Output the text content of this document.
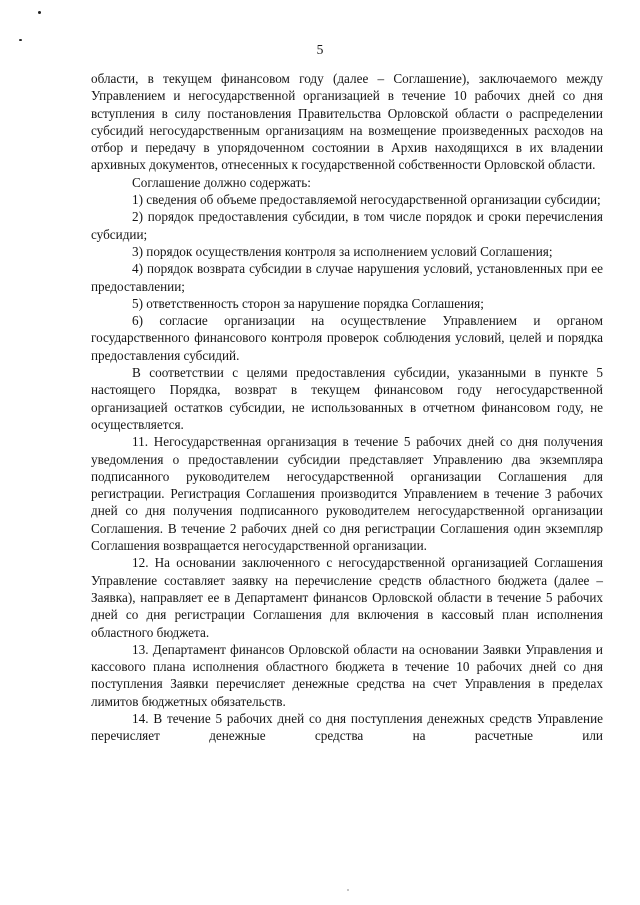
5

области, в текущем финансовом году (далее – Соглашение), заключаемого между Управлением и негосударственной организацией в течение 10 рабочих дней со дня вступления в силу постановления Правительства Орловской области о распределении субсидий негосударственным организациям на возмещение произведенных расходов на отбор и передачу в упорядоченном состоянии в Архив находящихся в их владении архивных документов, отнесенных к государственной собственности Орловской области.

Соглашение должно содержать:

1) сведения об объеме предоставляемой негосударственной организации субсидии;

2) порядок предоставления субсидии, в том числе порядок и сроки перечисления субсидии;

3) порядок осуществления контроля за исполнением условий Соглашения;

4) порядок возврата субсидии в случае нарушения условий, установленных при ее предоставлении;

5) ответственность сторон за нарушение порядка Соглашения;

6) согласие организации на осуществление Управлением и органом государственного финансового контроля проверок соблюдения условий, целей и порядка предоставления субсидий.

В соответствии с целями предоставления субсидии, указанными в пункте 5 настоящего Порядка, возврат в текущем финансовом году негосударственной организацией остатков субсидии, не использованных в отчетном финансовом году, не осуществляется.

11. Негосударственная организация в течение 5 рабочих дней со дня получения уведомления о предоставлении субсидии представляет Управлению два экземпляра подписанного руководителем негосударственной организации Соглашения для регистрации. Регистрация Соглашения производится Управлением в течение 3 рабочих дней со дня получения подписанного руководителем негосударственной организации Соглашения. В течение 2 рабочих дней со дня регистрации Соглашения один экземпляр Соглашения возвращается негосударственной организации.

12. На основании заключенного с негосударственной организацией Соглашения Управление составляет заявку на перечисление средств областного бюджета (далее – Заявка), направляет ее в Департамент финансов Орловской области в течение 5 рабочих дней со дня регистрации Соглашения для включения в кассовый план исполнения областного бюджета.

13. Департамент финансов Орловской области на основании Заявки Управления и кассового плана исполнения областного бюджета в течение 10 рабочих дней со дня поступления Заявки перечисляет денежные средства на счет Управления в пределах лимитов бюджетных обязательств.

14. В течение 5 рабочих дней со дня поступления денежных средств Управление перечисляет денежные средства на расчетные или
